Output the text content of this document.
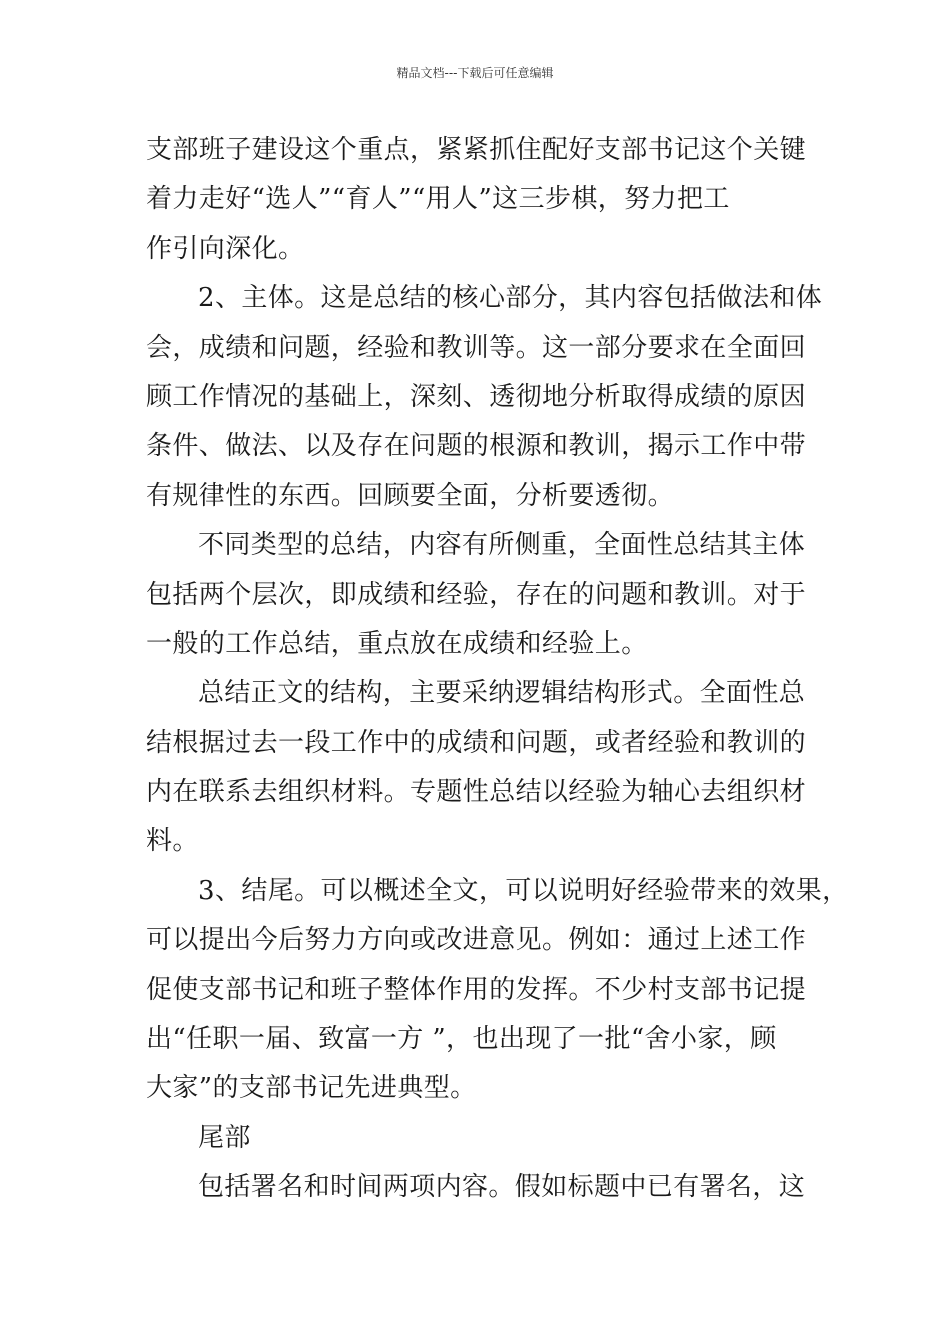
精品文档---下载后可任意编辑
支部班子建设这个重点，紧紧抓住配好支部书记这个关键
着力走好“选人”“育人”“用人”这三步棋，努力把工
作引向深化。
2、主体。这是总结的核心部分，其内容包括做法和体
会，成绩和问题，经验和教训等。这一部分要求在全面回
顾工作情况的基础上，深刻、透彻地分析取得成绩的原因
条件、做法、以及存在问题的根源和教训，揭示工作中带
有规律性的东西。回顾要全面，分析要透彻。
不同类型的总结，内容有所侧重，全面性总结其主体
包括两个层次，即成绩和经验，存在的问题和教训。对于
一般的工作总结，重点放在成绩和经验上。
总结正文的结构，主要采纳逻辑结构形式。全面性总
结根据过去一段工作中的成绩和问题，或者经验和教训的
内在联系去组织材料。专题性总结以经验为轴心去组织材
料。
3、结尾。可以概述全文，可以说明好经验带来的效果，
可以提出今后努力方向或改进意见。例如：通过上述工作
促使支部书记和班子整体作用的发挥。不少村支部书记提
出“任职一届、致富一方 ”，也出现了一批“舍小家，顾
大家”的支部书记先进典型。
尾部
包括署名和时间两项内容。假如标题中已有署名，这
